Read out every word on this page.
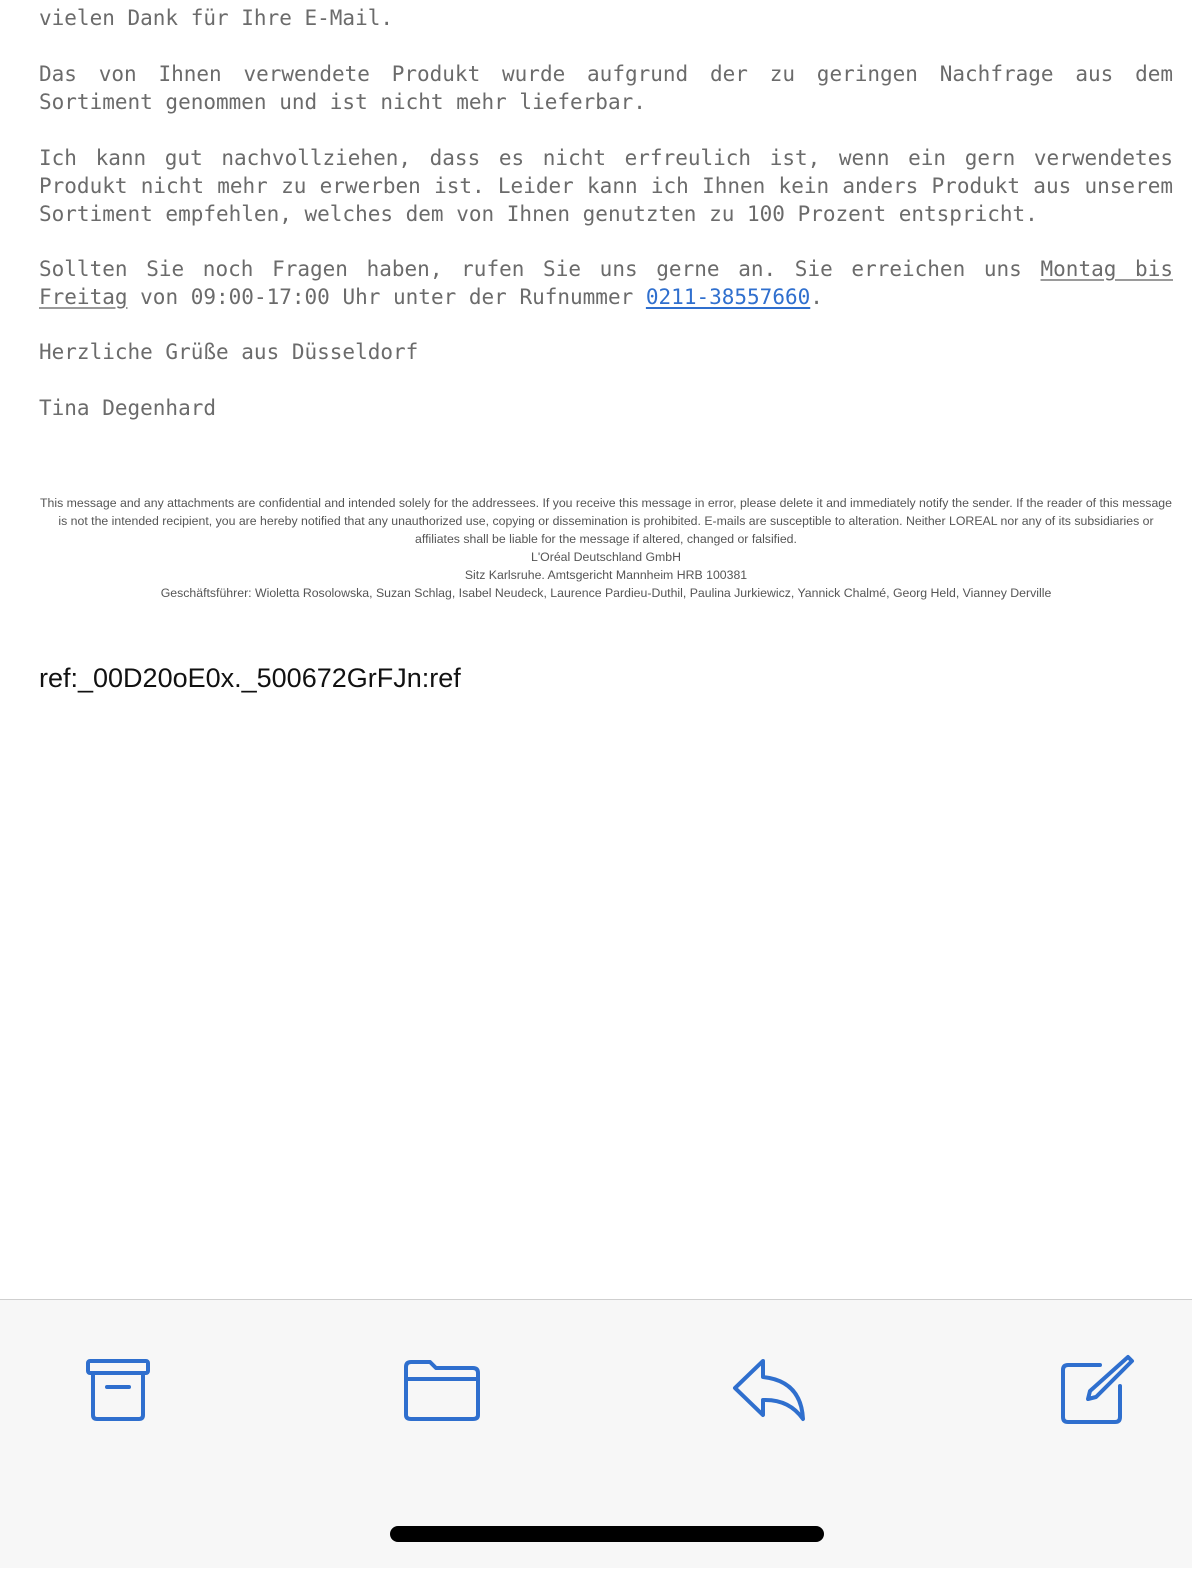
vielen Dank für Ihre E-Mail.

Das von Ihnen verwendete Produkt wurde aufgrund der zu geringen Nachfrage aus dem Sortiment genommen und ist nicht mehr lieferbar.

Ich kann gut nachvollziehen, dass es nicht erfreulich ist, wenn ein gern verwendetes Produkt nicht mehr zu erwerben ist. Leider kann ich Ihnen kein anders Produkt aus unserem Sortiment empfehlen, welches dem von Ihnen genutzten zu 100 Prozent entspricht.

Sollten Sie noch Fragen haben, rufen Sie uns gerne an. Sie erreichen uns Montag bis Freitag von 09:00-17:00 Uhr unter der Rufnummer 0211-38557660.

Herzliche Grüße aus Düsseldorf

Tina Degenhard

This message and any attachments are confidential and intended solely for the addressees. If you receive this message in error, please delete it and immediately notify the sender. If the reader of this message is not the intended recipient, you are hereby notified that any unauthorized use, copying or dissemination is prohibited. E-mails are susceptible to alteration. Neither LOREAL nor any of its subsidiaries or affiliates shall be liable for the message if altered, changed or falsified.
L'Oréal Deutschland GmbH
Sitz Karlsruhe. Amtsgericht Mannheim HRB 100381
Geschäftsführer: Wioletta Rosolowska, Suzan Schlag, Isabel Neudeck, Laurence Pardieu-Duthil, Paulina Jurkiewicz, Yannick Chalmé, Georg Held, Vianney Derville
ref:_00D20oE0x._500672GrFJn:ref
